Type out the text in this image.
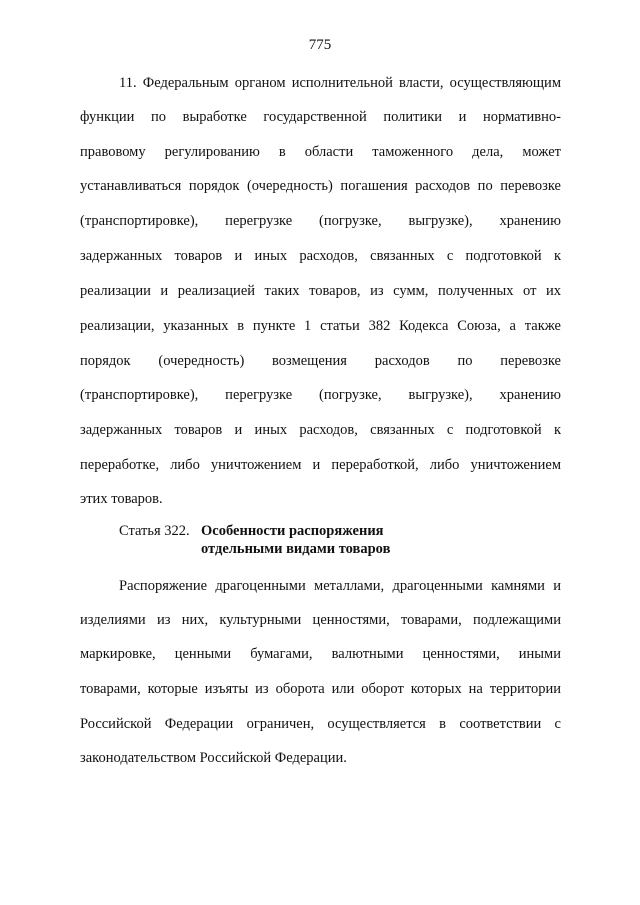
775
11. Федеральным органом исполнительной власти, осуществляющим
функции по выработке государственной политики и нормативно-
правовому регулированию в области таможенного дела, может
устанавливаться порядок (очередность) погашения расходов по перевозке
(транспортировке), перегрузке (погрузке, выгрузке), хранению
задержанных товаров и иных расходов, связанных с подготовкой к
реализации и реализацией таких товаров, из сумм, полученных от их
реализации, указанных в пункте 1 статьи 382 Кодекса Союза, а также
порядок (очередность) возмещения расходов по перевозке
(транспортировке), перегрузке (погрузке, выгрузке), хранению
задержанных товаров и иных расходов, связанных с подготовкой к
переработке, либо уничтожением и переработкой, либо уничтожением
этих товаров.
Статья 322. Особенности распоряжения
отдельными видами товаров
Распоряжение драгоценными металлами, драгоценными камнями и
изделиями из них, культурными ценностями, товарами, подлежащими
маркировке, ценными бумагами, валютными ценностями, иными
товарами, которые изъяты из оборота или оборот которых на территории
Российской Федерации ограничен, осуществляется в соответствии с
законодательством Российской Федерации.
